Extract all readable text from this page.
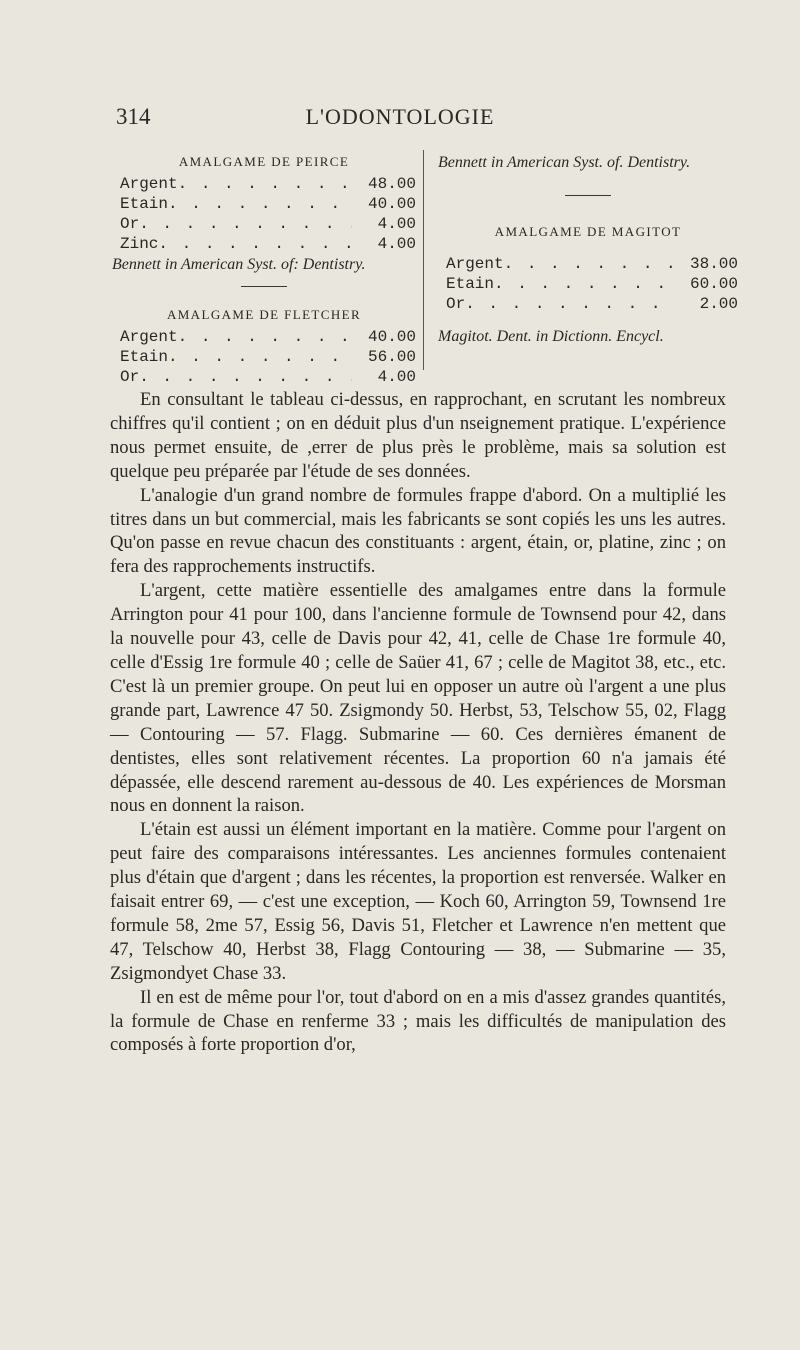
314	L'ODONTOLOGIE
AMALGAME DE PEIRCE
Argent . . .	48.00
Etain . . .	40.00
Or . . .	4.00
Zinc . . .	4.00
Bennett in American Syst. of: Dentistry.
AMALGAME DE FLETCHER
Argent . . .	40.00
Etain . . .	56.00
Or . . .	4.00
Bennett in American Syst. of. Dentistry.
AMALGAME DE MAGITOT
Argent . . .	38.00
Etain . . .	60.00
Or . . .	2.00
Magitot. Dent. in Dictionn. Encycl.

En consultant le tableau ci-dessus, en rapprochant, en scrutant les nombreux chiffres qu'il contient ; on en déduit plus d'un nseignement pratique. L'expérience nous permet ensuite, de ,errer de plus près le problème, mais sa solution est quelque peu préparée par l'étude de ses données.

L'analogie d'un grand nombre de formules frappe d'abord. On a multiplié les titres dans un but commercial, mais les fabricants se sont copiés les uns les autres. Qu'on passe en revue chacun des constituants : argent, étain, or, platine, zinc ; on fera des rapprochements instructifs.

L'argent, cette matière essentielle des amalgames entre dans la formule Arrington pour 41 pour 100, dans l'ancienne formule de Townsend pour 42, dans la nouvelle pour 43, celle de Davis pour 42, 41, celle de Chase 1re formule 40, celle d'Essig 1re formule 40 ; celle de Saüer 41, 67 ; celle de Magitot 38, etc., etc. C'est là un premier groupe. On peut lui en opposer un autre où l'argent a une plus grande part, Lawrence 47 50. Zsigmondy 50. Herbst, 53, Telschow 55, 02, Flagg — Contouring — 57. Flagg. Submarine — 60. Ces dernières émanent de dentistes, elles sont relativement récentes. La proportion 60 n'a jamais été dépassée, elle descend rarement au-dessous de 40. Les expériences de Morsman nous en donnent la raison.

L'étain est aussi un élément important en la matière. Comme pour l'argent on peut faire des comparaisons intéressantes. Les anciennes formules contenaient plus d'étain que d'argent ; dans les récentes, la proportion est renversée. Walker en faisait entrer 69, — c'est une exception, — Koch 60, Arrington 59, Townsend 1re formule 58, 2me 57, Essig 56, Davis 51, Fletcher et Lawrence n'en mettent que 47, Telschow 40, Herbst 38, Flagg Contouring — 38, — Submarine — 35, Zsigmondyet Chase 33.

Il en est de même pour l'or, tout d'abord on en a mis d'assez grandes quantités, la formule de Chase en renferme 33 ; mais les difficultés de manipulation des composés à forte proportion d'or,
